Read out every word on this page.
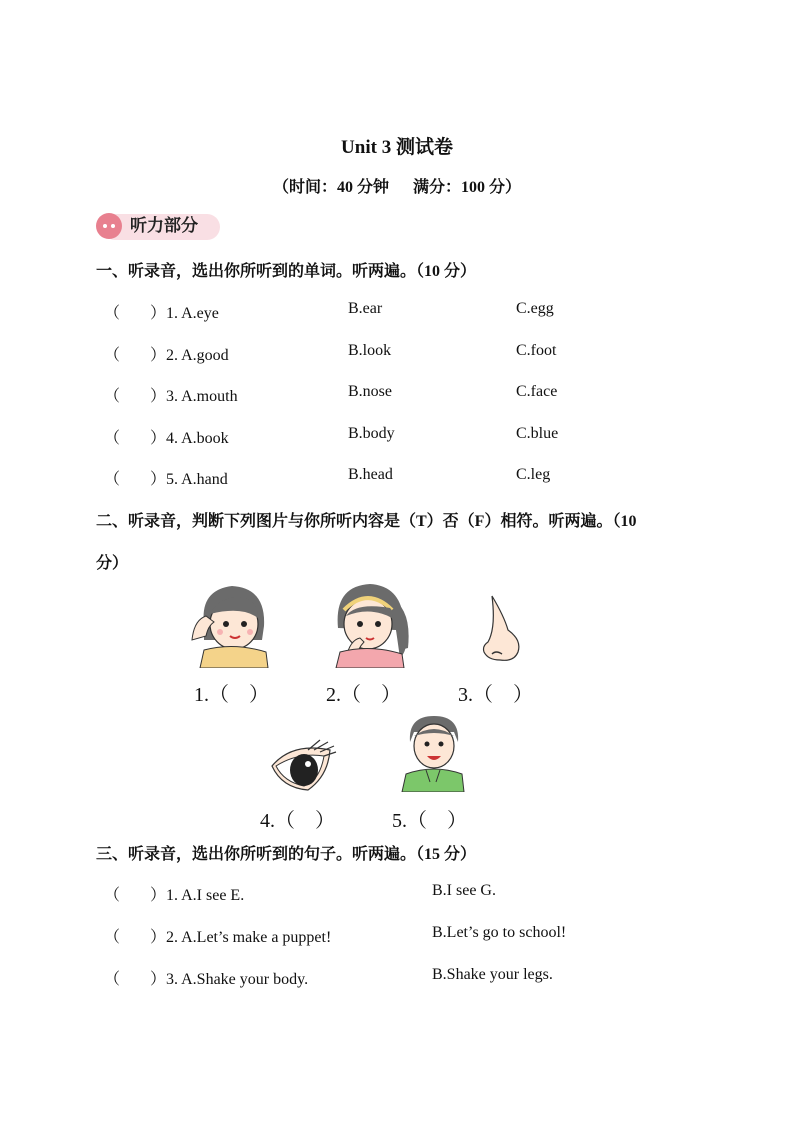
Unit 3 测试卷
（时间：40 分钟      满分：100 分）
听力部分
一、听录音，选出你所听到的单词。听两遍。（10 分）
（ ）1. A.eye	B.ear	C.egg
（ ）2. A.good	B.look	C.foot
（ ）3. A.mouth	B.nose	C.face
（ ）4. A.book	B.body	C.blue
（ ）5. A.hand	B.head	C.leg
二、听录音，判断下列图片与你所听内容是（T）否（F）相符。听两遍。（10
分）
1.（    ）	2.（    ）	3.（    ）
4.（    ）	5.（    ）
三、听录音，选出你所听到的句子。听两遍。（15 分）
（ ）1. A.I see E.	B.I see G.
（ ）2. A.Let’s make a puppet!	B.Let’s go to school!
（ ）3. A.Shake your body.	B.Shake your legs.
